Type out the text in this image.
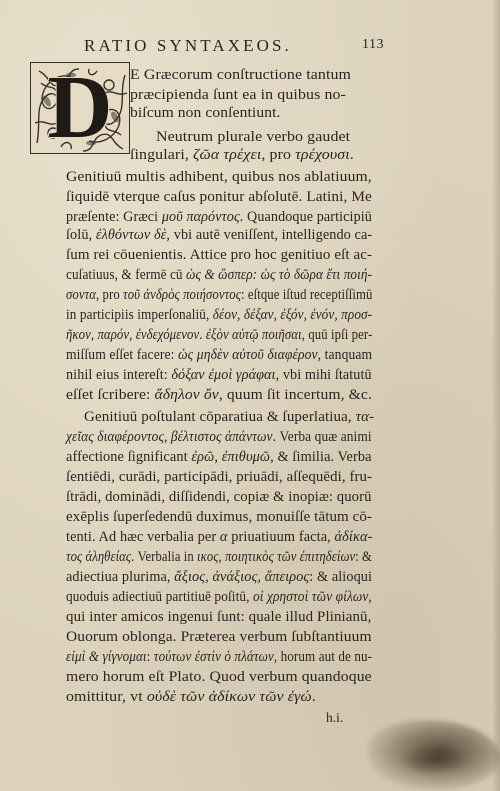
RATIO SYNTAXEOS.	113
D	E Græcorum conſtructione tantum
præcipienda ſunt ea in quibus no-
biſcum non conſentiunt.
Neutrum plurale verbo gaudet
ſingulari, ζῶα τρέχει, pro τρέχουσι.
Genitiuū multis adhibent, quibus nos ablatiuum,
ſiquidē vterque caſus ponitur abſolutē. Latini, Me
præſente: Græci μοῦ παρόντος. Quandoque participiū
ſolū, ἐλθόντων δὲ, vbi autē veniſſent, intelligendo ca-
ſum rei cōuenientis. Attice pro hoc genitiuo eſt ac-
cuſatiuus, & fermē cū ὡς & ὥσπερ: ὡς τὸ δῶρα ἔτι ποιή-
σοντα, pro τοῦ ἀνδρὸς ποιήσοντος: eſtque iſtud receptiſſimū
in participiis imperſonaliū, δέον, δέξαν, ἐξόν, ἐνόν, προσ-
ῆκον, παρόν, ἐνδεχόμενον. ἐξὸν αὐτῷ ποιῆσαι, quū ipſi per-
miſſum eſſet facere: ὡς μηδὲν αὐτοῦ διαφέρον, tanquam
nihil eius intereſt: δόξαν ἐμοὶ γράφαι, vbi mihi ſtatutū
eſſet ſcribere: ἄδηλον ὄν, quum ſit incertum, &c.
Genitiuū poſtulant cōparatiua & ſuperlatiua, τα-
χεῖας διαφέροντος, βέλτιστος ἁπάντων. Verba quæ animi
affectione ſignificant ἐρῶ, ἐπιθυμῶ, & ſimilia. Verba
ſentiēdi, curādi, participādi, priuādi, aſſequēdi, fru-
ſtrādi, dominādi, diſſidendi, copiæ & inopiæ: quorū
exēplis ſuperſedendū duximus, monuiſſe tātum cō-
tenti. Ad hæc verbalia per α priuatiuum facta, ἀδίκα-
τος ἀληθείας. Verbalia in ικος, ποιητικὸς τῶν ἐπιτηδείων: &
adiectiua plurima, ἄξιος, ἀνάξιος, ἄπειρος: & alioqui
quoduis adiectiuū partitiuē poſitū, οἱ χρηστοὶ τῶν φίλων,
qui inter amicos ingenui ſunt: quale illud Plinianū,
Ouorum oblonga. Præterea verbum ſubſtantiuum
εἰμὶ & γίγνομαι: τούτων ἐστὶν ὁ πλάτων, horum aut de nu-
mero horum eſt Plato. Quod verbum quandoque
omittitur, vt οὐδὲ τῶν ἀδίκων τῶν ἐγώ.
h.i.
